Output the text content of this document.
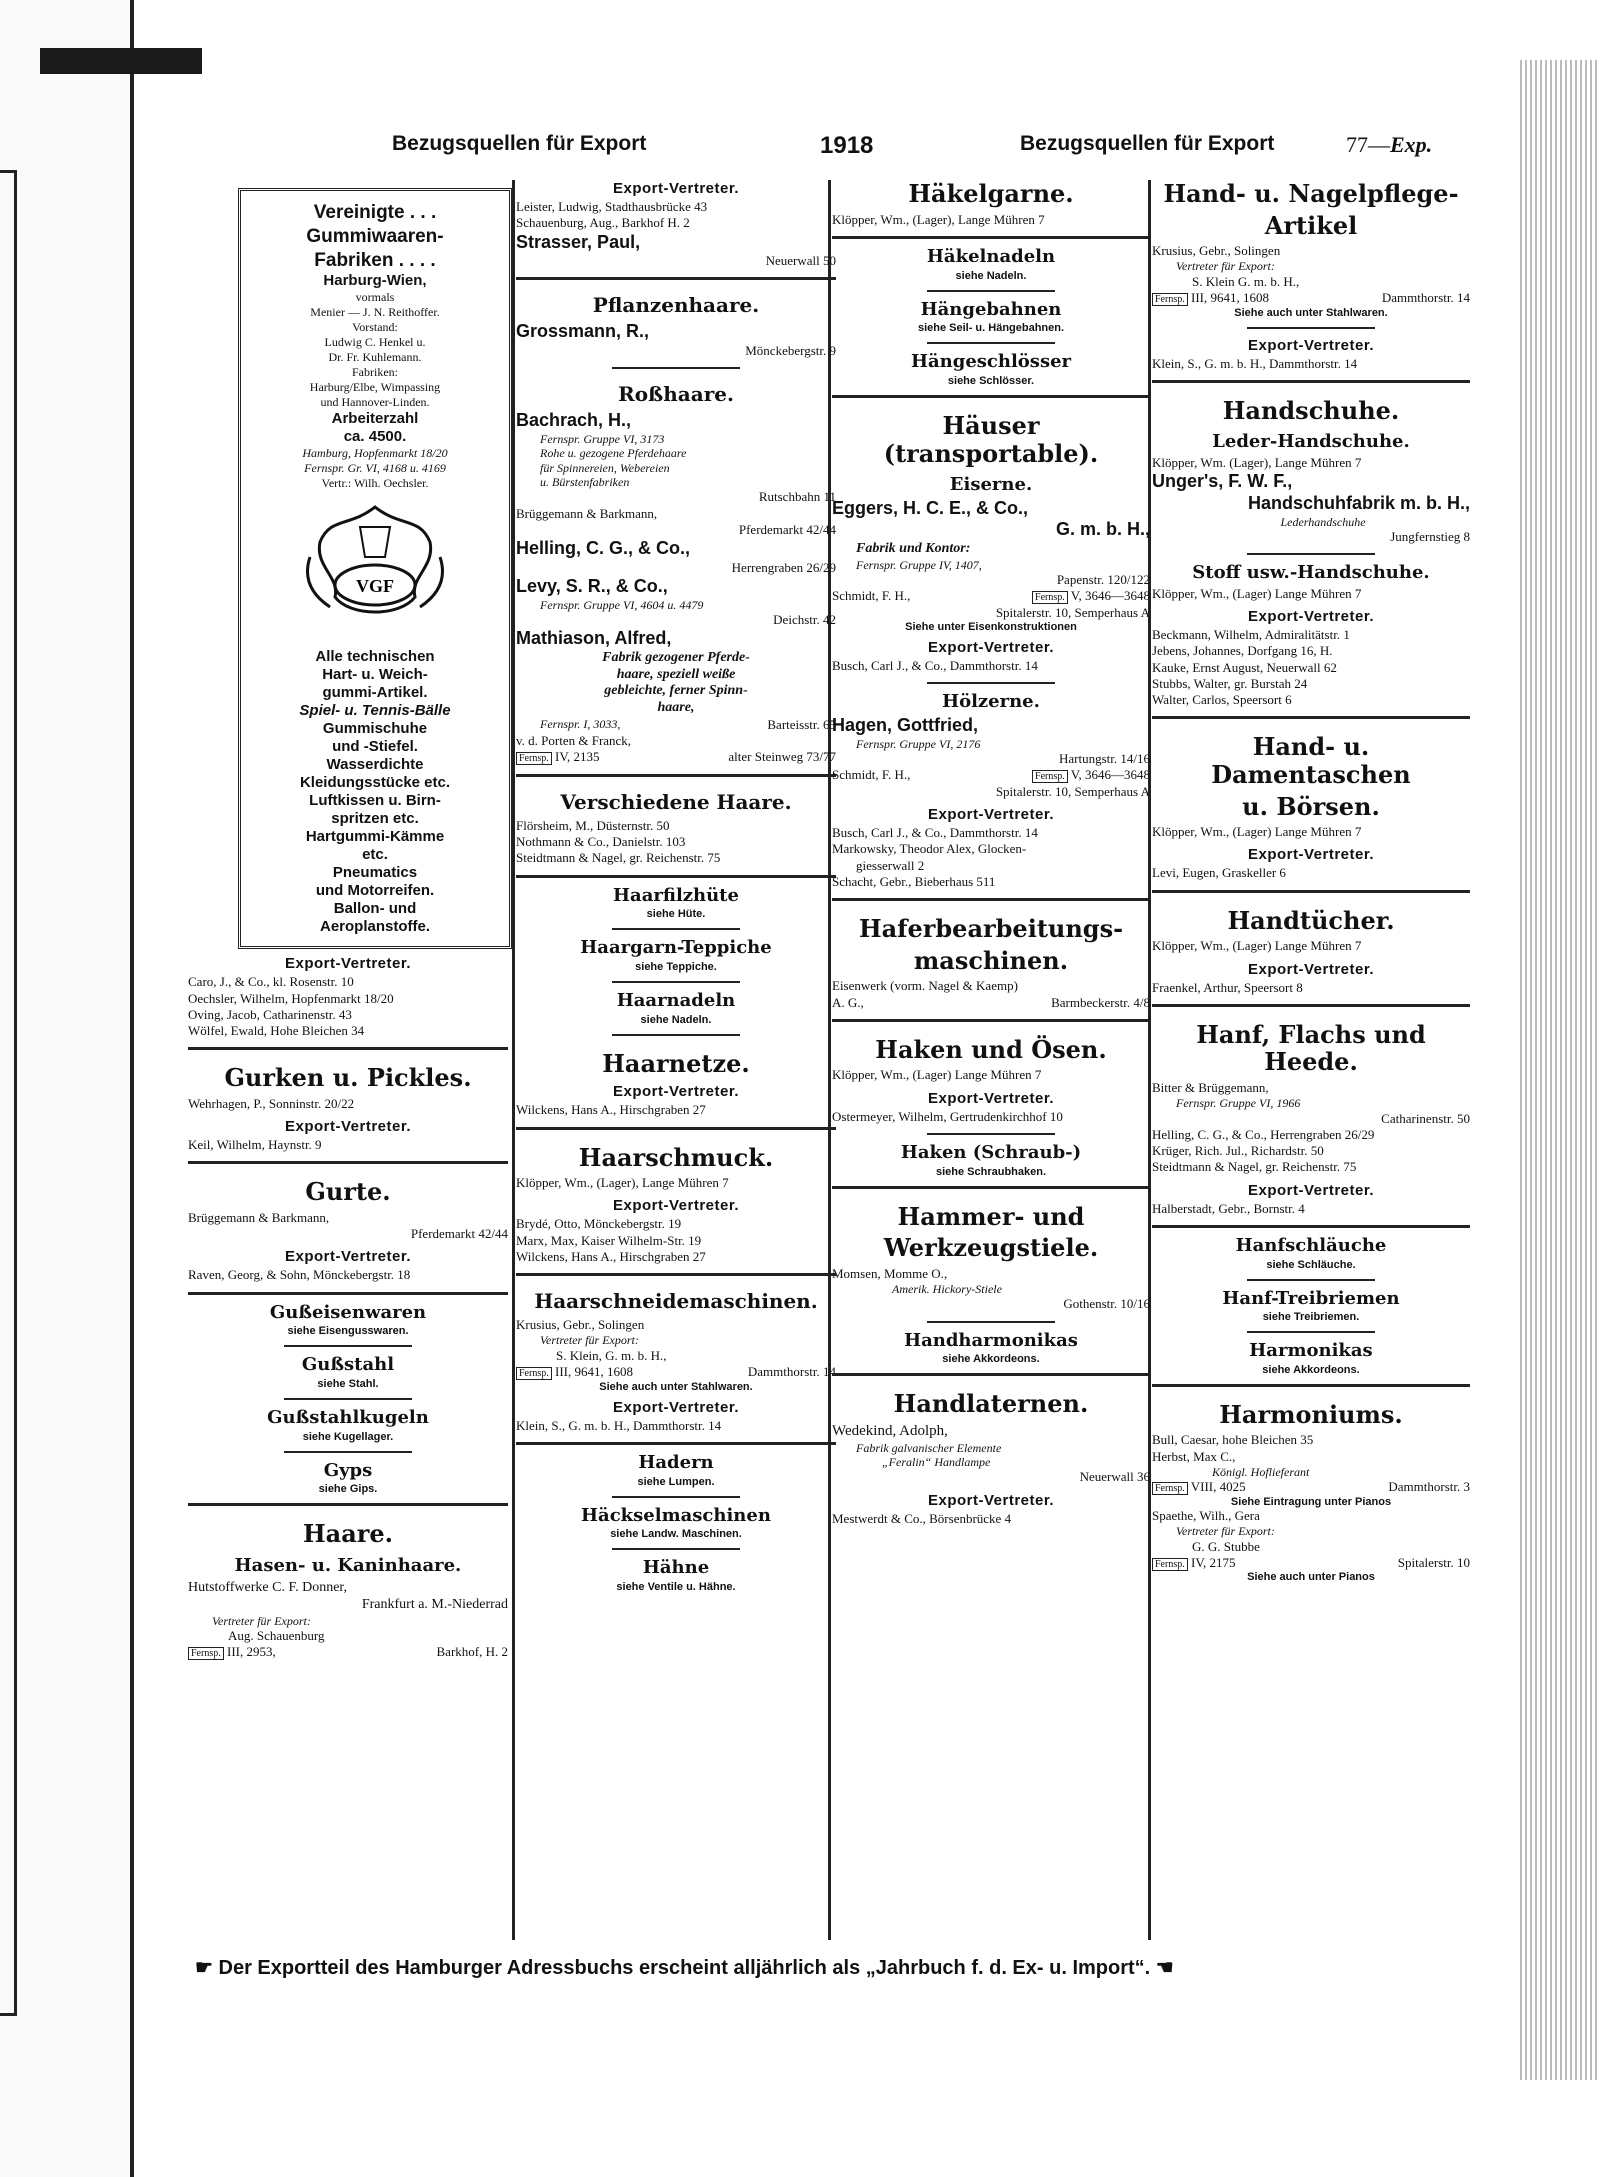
Bezugsquellen für Export	1918	Bezugsquellen für Export	77—Exp.
Vereinigte . . .
Gummiwaaren-
Fabriken . . . .
Harburg-Wien,
vormals
Menier — J. N. Reithoffer.
Vorstand:
Ludwig C. Henkel u.
Dr. Fr. Kuhlemann.
Fabriken:
Harburg/Elbe, Wimpassing
und Hannover-Linden.
Arbeiterzahl
ca. 4500.
Hamburg, Hopfenmarkt 18/20
Fernspr. Gr. VI, 4168 u. 4169
Vertr.: Wilh. Oechsler.
VGF
Alle technischen
Hart- u. Weich-
gummi-Artikel.
Spiel- u. Tennis-Bälle
Gummischuhe
und -Stiefel.
Wasserdichte
Kleidungsstücke etc.
Luftkissen u. Birn-
spritzen etc.
Hartgummi-Kämme
etc.
Pneumatics
und Motorreifen.
Ballon- und
Aeroplanstoffe.
Export-Vertreter.
Caro, J., & Co., kl. Rosenstr. 10
Oechsler, Wilhelm, Hopfenmarkt 18/20
Oving, Jacob, Catharinenstr. 43
Wölfel, Ewald, Hohe Bleichen 34
Gurken u. Pickles.
Wehrhagen, P., Sonninstr. 20/22
Export-Vertreter.
Keil, Wilhelm, Haynstr. 9
Gurte.
Brüggemann & Barkmann,
Pferdemarkt 42/44
Export-Vertreter.
Raven, Georg, & Sohn, Mönckebergstr. 18
Gußeisenwaren
siehe Eisengusswaren.
Gußstahl
siehe Stahl.
Gußstahlkugeln
siehe Kugellager.
Gyps
siehe Gips.
Haare.
Hasen- u. Kaninhaare.
Hutstoffwerke C. F. Donner,
Frankfurt a. M.-Niederrad
Vertreter für Export:
Aug. Schauenburg
Fernsp. III, 2953,	Barkhof, H. 2
Export-Vertreter.
Leister, Ludwig, Stadthausbrücke 43
Schauenburg, Aug., Barkhof H. 2
Strasser, Paul,
Neuerwall 50
Pflanzenhaare.
Grossmann, R.,
Mönckebergstr. 9
Roßhaare.
Bachrach, H.,
Fernspr. Gruppe VI, 3173
Rohe u. gezogene Pferdehaare
für Spinnereien, Webereien
u. Bürstenfabriken
Rutschbahn 11
Brüggemann & Barkmann,
Pferdemarkt 42/44
Helling, C. G., & Co.,
Herrengraben 26/29
Levy, S. R., & Co.,
Fernspr. Gruppe VI, 4604 u. 4479
Deichstr. 42
Mathiason, Alfred,
Fabrik gezogener Pferde-
haare, speziell weiße
gebleichte, ferner Spinn-
haare,
Fernspr. I, 3033,	Barteisstr. 65
v. d. Porten & Franck,
Fernsp. IV, 2135	alter Steinweg 73/77
Verschiedene Haare.
Flörsheim, M., Düsternstr. 50
Nothmann & Co., Danielstr. 103
Steidtmann & Nagel, gr. Reichenstr. 75
Haarfilzhüte
siehe Hüte.
Haargarn-Teppiche
siehe Teppiche.
Haarnadeln
siehe Nadeln.
Haarnetze.
Export-Vertreter.
Wilckens, Hans A., Hirschgraben 27
Haarschmuck.
Klöpper, Wm., (Lager), Lange Mühren 7
Export-Vertreter.
Brydé, Otto, Mönckebergstr. 19
Marx, Max, Kaiser Wilhelm-Str. 19
Wilckens, Hans A., Hirschgraben 27
Haarschneidemaschinen.
Krusius, Gebr., Solingen
Vertreter für Export:
S. Klein, G. m. b. H.,
Fernsp. III, 9641, 1608	Dammthorstr. 14
Siehe auch unter Stahlwaren.
Export-Vertreter.
Klein, S., G. m. b. H., Dammthorstr. 14
Hadern
siehe Lumpen.
Häckselmaschinen
siehe Landw. Maschinen.
Hähne
siehe Ventile u. Hähne.
Häkelgarne.
Klöpper, Wm., (Lager), Lange Mühren 7
Häkelnadeln
siehe Nadeln.
Hängebahnen
siehe Seil- u. Hängebahnen.
Hängeschlösser
siehe Schlösser.
Häuser (transportable).
Eiserne.
Eggers, H. C. E., & Co.,
G. m. b. H.,
Fabrik und Kontor:
Fernspr. Gruppe IV, 1407,
Papenstr. 120/122
Schmidt, F. H.,	Fernsp. V, 3646—3648
Spitalerstr. 10, Semperhaus A
Siehe unter Eisenkonstruktionen
Export-Vertreter.
Busch, Carl J., & Co., Dammthorstr. 14
Hölzerne.
Hagen, Gottfried,
Fernspr. Gruppe VI, 2176
Hartungstr. 14/16
Schmidt, F. H.,	Fernsp. V, 3646—3648
Spitalerstr. 10, Semperhaus A
Export-Vertreter.
Busch, Carl J., & Co., Dammthorstr. 14
Markowsky, Theodor Alex, Glocken-
giesserwall 2
Schacht, Gebr., Bieberhaus 511
Haferbearbeitungs-
maschinen.
Eisenwerk (vorm. Nagel & Kaemp)
A. G.,	Barmbeckerstr. 4/8
Haken und Ösen.
Klöpper, Wm., (Lager) Lange Mühren 7
Export-Vertreter.
Ostermeyer, Wilhelm, Gertrudenkirchhof 10
Haken (Schraub-)
siehe Schraubhaken.
Hammer- und
Werkzeugstiele.
Momsen, Momme O.,
Amerik. Hickory-Stiele
Gothenstr. 10/16
Handharmonikas
siehe Akkordeons.
Handlaternen.
Wedekind, Adolph,
Fabrik galvanischer Elemente
„Feralin“ Handlampe
Neuerwall 36
Export-Vertreter.
Mestwerdt & Co., Börsenbrücke 4
Hand- u. Nagelpflege-
Artikel
Krusius, Gebr., Solingen
Vertreter für Export:
S. Klein G. m. b. H.,
Fernsp. III, 9641, 1608	Dammthorstr. 14
Siehe auch unter Stahlwaren.
Export-Vertreter.
Klein, S., G. m. b. H., Dammthorstr. 14
Handschuhe.
Leder-Handschuhe.
Klöpper, Wm. (Lager), Lange Mühren 7
Unger's, F. W. F.,
Handschuhfabrik m. b. H.,
Lederhandschuhe
Jungfernstieg 8
Stoff usw.-Handschuhe.
Klöpper, Wm., (Lager) Lange Mühren 7
Export-Vertreter.
Beckmann, Wilhelm, Admiralitätstr. 1
Jebens, Johannes, Dorfgang 16, H.
Kauke, Ernst August, Neuerwall 62
Stubbs, Walter, gr. Burstah 24
Walter, Carlos, Speersort 6
Hand- u. Damentaschen
u. Börsen.
Klöpper, Wm., (Lager) Lange Mühren 7
Export-Vertreter.
Levi, Eugen, Graskeller 6
Handtücher.
Klöpper, Wm., (Lager) Lange Mühren 7
Export-Vertreter.
Fraenkel, Arthur, Speersort 8
Hanf, Flachs und Heede.
Bitter & Brüggemann,
Fernspr. Gruppe VI, 1966
Catharinenstr. 50
Helling, C. G., & Co., Herrengraben 26/29
Krüger, Rich. Jul., Richardstr. 50
Steidtmann & Nagel, gr. Reichenstr. 75
Export-Vertreter.
Halberstadt, Gebr., Bornstr. 4
Hanfschläuche
siehe Schläuche.
Hanf-Treibriemen
siehe Treibriemen.
Harmonikas
siehe Akkordeons.
Harmoniums.
Bull, Caesar, hohe Bleichen 35
Herbst, Max C.,
Königl. Hoflieferant
Fernsp. VIII, 4025	Dammthorstr. 3
Siehe Eintragung unter Pianos
Spaethe, Wilh., Gera
Vertreter für Export:
G. G. Stubbe
Fernsp. IV, 2175	Spitalerstr. 10
Siehe auch unter Pianos
☛ Der Exportteil des Hamburger Adressbuchs erscheint alljährlich als „Jahrbuch f. d. Ex- u. Import“. ☚
